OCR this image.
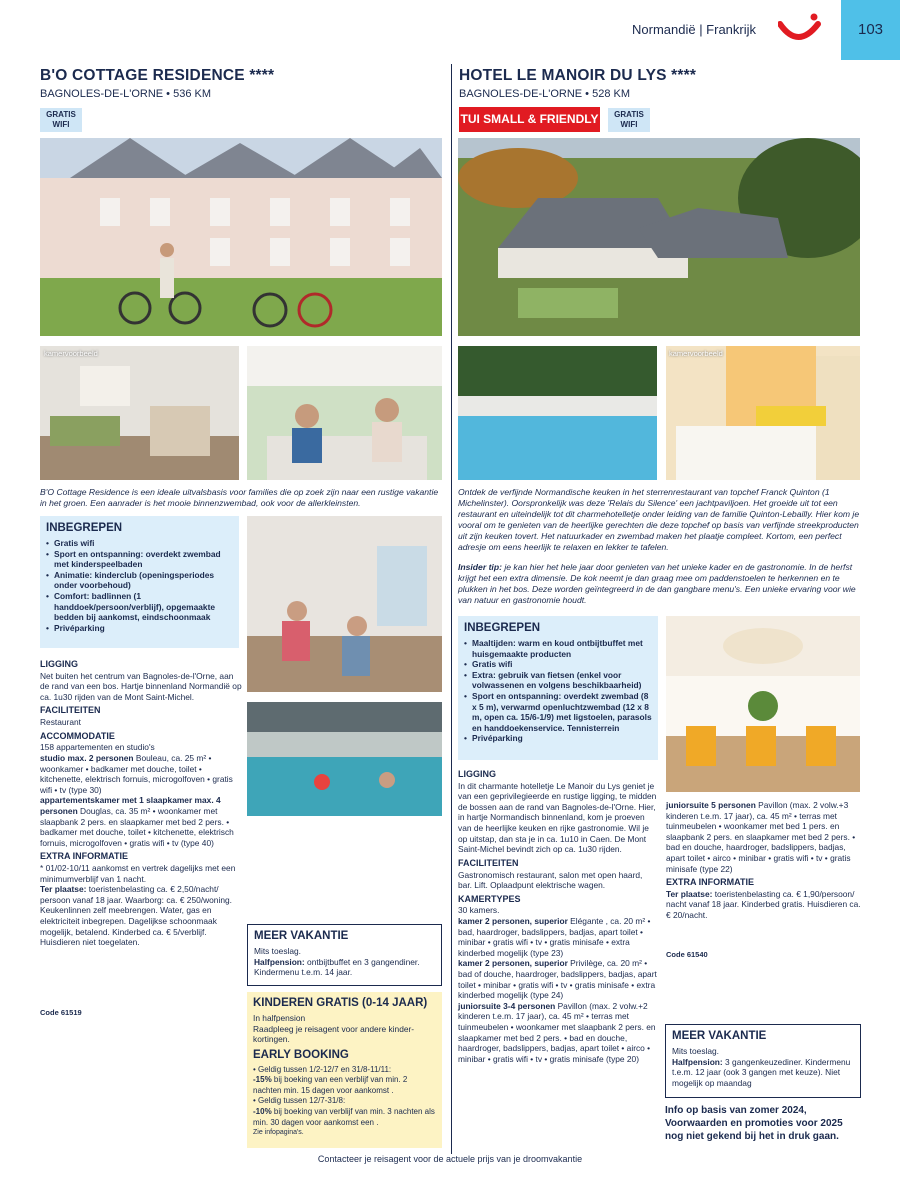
Normandië | Frankrijk	103
B'O COTTAGE RESIDENCE ****
BAGNOLES-DE-L'ORNE • 536 KM
GRATIS
WIFI
kamervoorbeeld
B'O Cottage Residence is een ideale uitvalsbasis voor families die op zoek zijn naar een rustige vakantie in het groen. Een aanrader is het mooie binnenzwembad, ook voor de allerkleinsten.
INBEGREPEN
• Gratis wifi
• Sport en ontspanning: overdekt zwembad met kinderspeelbaden
• Animatie: kinderclub (openingsperiodes onder voorbehoud)
• Comfort: badlinnen (1 handdoek/persoon/verblijf), opgemaakte bedden bij aankomst, eindschoonmaak
• Privéparking
LIGGING
Net buiten het centrum van Bagnoles-de-l'Orne, aan de rand van een bos. Hartje binnenland Normandië op ca. 1u30 rijden van de Mont Saint-Michel.
FACILITEITEN
Restaurant
ACCOMMODATIE
158 appartementen en studio's
studio max. 2 personen Bouleau, ca. 25 m² • woonkamer • badkamer met douche, toilet • kitchenette, elektrisch fornuis, microgolfoven • gratis wifi • tv (type 30)
appartementskamer met 1 slaapkamer max. 4 personen Douglas, ca. 35 m² • woonkamer met slaapbank 2 pers. en slaapkamer met bed 2 pers. • badkamer met douche, toilet • kitchenette, elektrisch fornuis, microgolfoven • gratis wifi • tv (type 40)
EXTRA INFORMATIE
* 01/02-10/11 aankomst en vertrek dagelijks met een minimumverblijf van 1 nacht.
Ter plaatse: toeristenbelasting ca. € 2,50/nacht/ persoon vanaf 18 jaar. Waarborg: ca. € 250/woning. Keukenlinnen zelf meebrengen. Water, gas en elektriciteit inbegrepen. Dagelijkse schoonmaak mogelijk, betalend. Kinderbed ca. € 5/verblijf. Huisdieren niet toegelaten.
Code 61519
MEER VAKANTIE
Mits toeslag.
Halfpension: ontbijtbuffet en 3 gangendiner. Kindermenu t.e.m. 14 jaar.
KINDEREN GRATIS (0-14 JAAR)
In halfpension
Raadpleeg je reisagent voor andere kinder-kortingen.
EARLY BOOKING
• Geldig tussen 1/2-12/7 en 31/8-11/11:
-15% bij boeking van een verblijf van min. 2 nachten min. 15 dagen voor aankomst .
• Geldig tussen 12/7-31/8:
-10% bij boeking van verblijf van min. 3 nachten als min. 30 dagen voor aankomst een .
Zie infopagina's.
HOTEL LE MANOIR DU LYS ****
BAGNOLES-DE-L'ORNE • 528 KM
TUI SMALL & FRIENDLY	GRATIS
WIFI
kamervoorbeeld
Ontdek de verfijnde Normandische keuken in het sterrenrestaurant van topchef Franck Quinton (1 Michelinster). Oorspronkelijk was deze 'Relais du Silence' een jachtpaviljoen. Het groeide uit tot een restaurant en uiteindelijk tot dit charmehotelletje onder leiding van de familie Quinton-Lebailly. Hier kom je vooral om te genieten van de heerlijke gerechten die deze topchef op basis van verfijnde streekproducten uit zijn keuken tovert. Het natuurkader en zwembad maken het plaatje compleet. Kortom, een perfect adresje om eens heerlijk te relaxen en lekker te tafelen.
Insider tip: je kan hier het hele jaar door genieten van het unieke kader en de gastronomie. In de herfst krijgt het een extra dimensie. De kok neemt je dan graag mee om paddenstoelen te herkennen en te plukken in het bos. Deze worden geïntegreerd in de dan gangbare menu's. Een unieke ervaring voor wie van natuur en gastronomie houdt.
INBEGREPEN
• Maaltijden: warm en koud ontbijtbuffet met huisgemaakte producten
• Gratis wifi
• Extra: gebruik van fietsen (enkel voor volwassenen en volgens beschikbaarheid)
• Sport en ontspanning: overdekt zwembad (8 x 5 m), verwarmd openluchtzwembad (12 x 8 m, open ca. 15/6-1/9) met ligstoelen, parasols en handdoekenservice. Tennisterrein
• Privéparking
LIGGING
In dit charmante hotelletje Le Manoir du Lys geniet je van een geprivilegieerde en rustige ligging, te midden de bossen aan de rand van Bagnoles-de-l'Orne. Hier, in hartje Normandisch binnenland, kom je proeven van de heerlijke keuken en rijke gastronomie. Wil je op uitstap, dan sta je in ca. 1u10 in Caen. De Mont Saint-Michel bevindt zich op ca. 1u30 rijden.
FACILITEITEN
Gastronomisch restaurant, salon met open haard, bar. Lift. Oplaadpunt elektrische wagen.
KAMERTYPES
30 kamers.
kamer 2 personen, superior Elégante , ca. 20 m² • bad, haardroger, badslippers, badjas, apart toilet • minibar • gratis wifi • tv • gratis minisafe • extra kinderbed mogelijk (type 23)
kamer 2 personen, superior Privilège, ca. 20 m² • bad of douche, haardroger, badslippers, badjas, apart toilet • minibar • gratis wifi • tv • gratis minisafe • extra kinderbed mogelijk (type 24)
juniorsuite 3-4 personen Pavillon (max. 2 volw.+2 kinderen t.e.m. 17 jaar), ca. 45 m² • terras met tuinmeubelen • woonkamer met slaapbank 2 pers. en slaapkamer met bed 2 pers. • bad en douche, haardroger, badslippers, badjas, apart toilet • airco • minibar • gratis wifi • tv • gratis minisafe (type 20)
juniorsuite 5 personen Pavillon (max. 2 volw.+3 kinderen t.e.m. 17 jaar), ca. 45 m² • terras met tuinmeubelen • woonkamer met bed 1 pers. en slaapbank 2 pers. en slaapkamer met bed 2 pers. • bad en douche, haardroger, badslippers, badjas, apart toilet • airco • minibar • gratis wifi • tv • gratis minisafe (type 22)
EXTRA INFORMATIE
Ter plaatse: toeristenbelasting ca. € 1,90/persoon/ nacht vanaf 18 jaar. Kinderbed gratis. Huisdieren ca. € 20/nacht.
Code 61540
MEER VAKANTIE
Mits toeslag.
Halfpension: 3 gangenkeuzediner. Kindermenu t.e.m. 12 jaar (ook 3 gangen met keuze). Niet mogelijk op maandag
Info op basis van zomer 2024, Voorwaarden en promoties voor 2025 nog niet gekend bij het in druk gaan.
Contacteer je reisagent voor de actuele prijs van je droomvakantie
